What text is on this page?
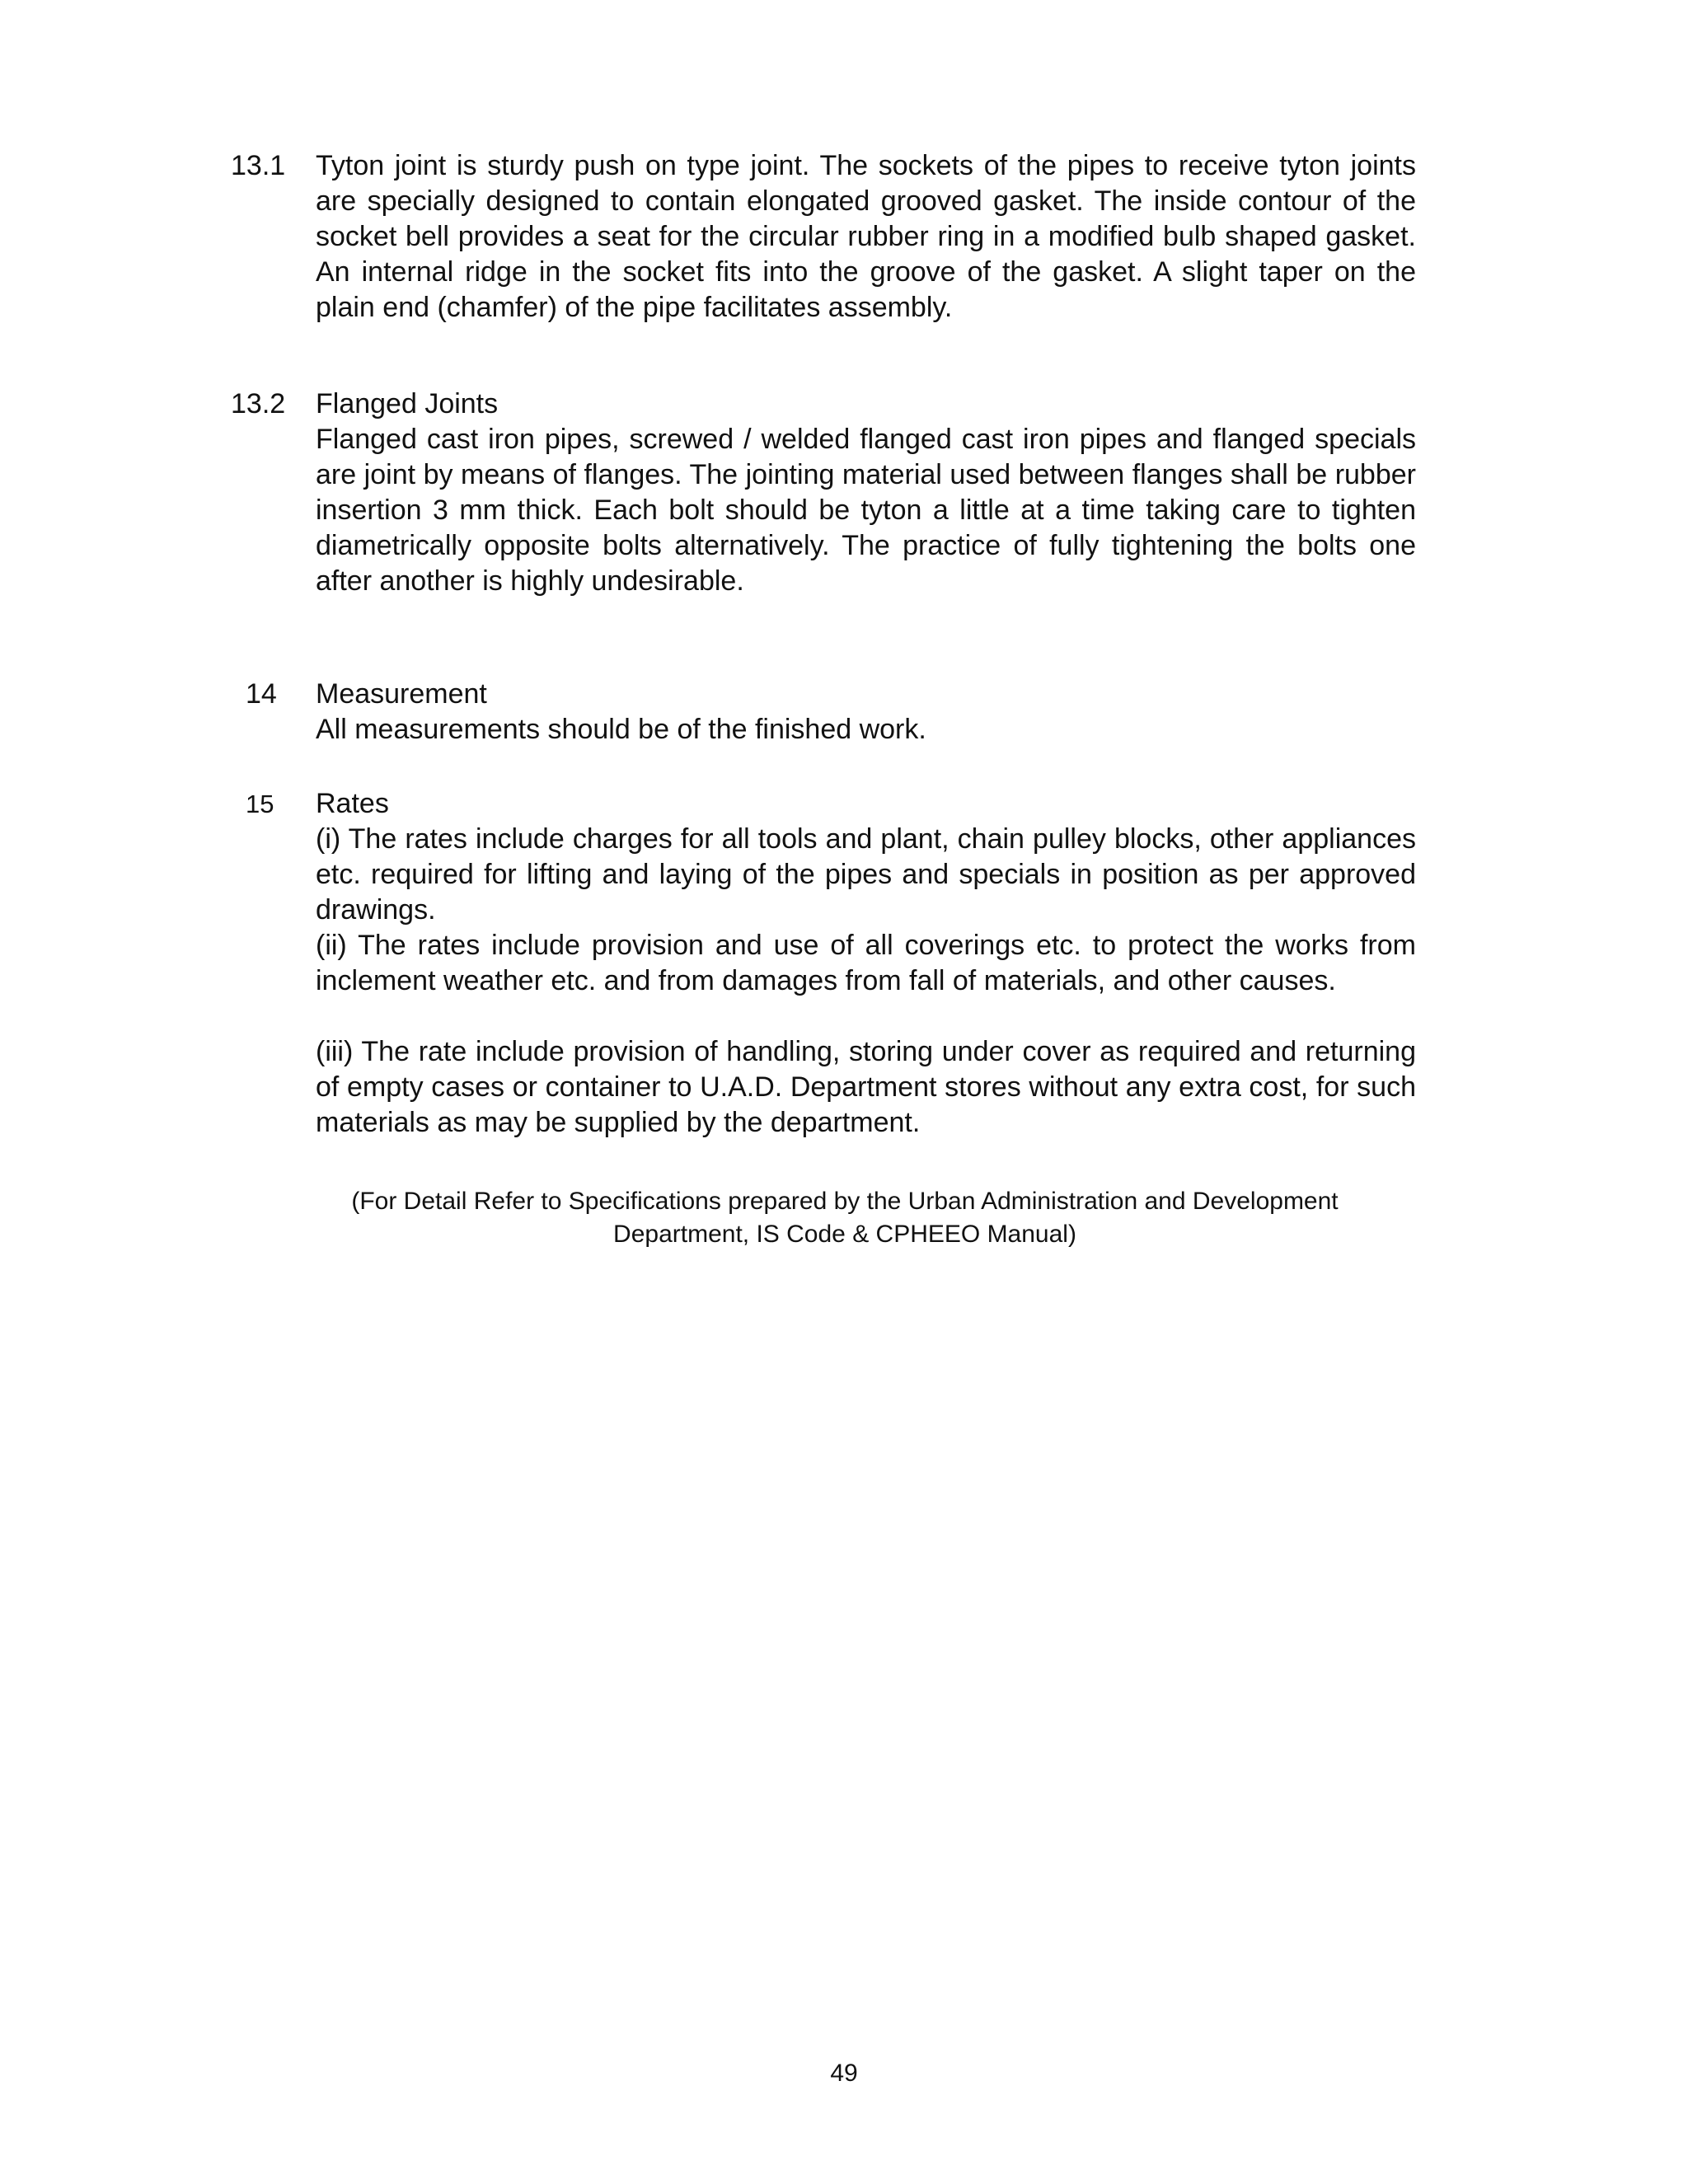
13.1 Tyton joint is sturdy push on type joint. The sockets of the pipes to receive tyton joints are specially designed to contain elongated grooved gasket. The inside contour of the socket bell provides a seat for the circular rubber ring in a modified bulb shaped gasket. An internal ridge in the socket fits into the groove of the gasket. A slight taper on the plain end (chamfer) of the pipe facilitates assembly.

13.2 Flanged Joints

Flanged cast iron pipes, screwed / welded flanged cast iron pipes and flanged specials are joint by means of flanges. The jointing material used between flanges shall be rubber insertion 3 mm thick. Each bolt should be tyton a little at a time taking care to tighten diametrically opposite bolts alternatively. The practice of fully tightening the bolts one after another is highly undesirable.

14 Measurement

All measurements should be of the finished work.

15 Rates

(i) The rates include charges for all tools and plant, chain pulley blocks, other appliances etc. required for lifting and laying of the pipes and specials in position as per approved drawings.

(ii) The rates include provision and use of all coverings etc. to protect the works from inclement weather etc. and from damages from fall of materials, and other causes.

(iii) The rate include provision of handling, storing under cover as required and returning of empty cases or container to U.A.D. Department stores without any extra cost, for such materials as may be supplied by the department.

(For Detail Refer to Specifications prepared by the Urban Administration and Development Department, IS Code & CPHEEO Manual)

49
